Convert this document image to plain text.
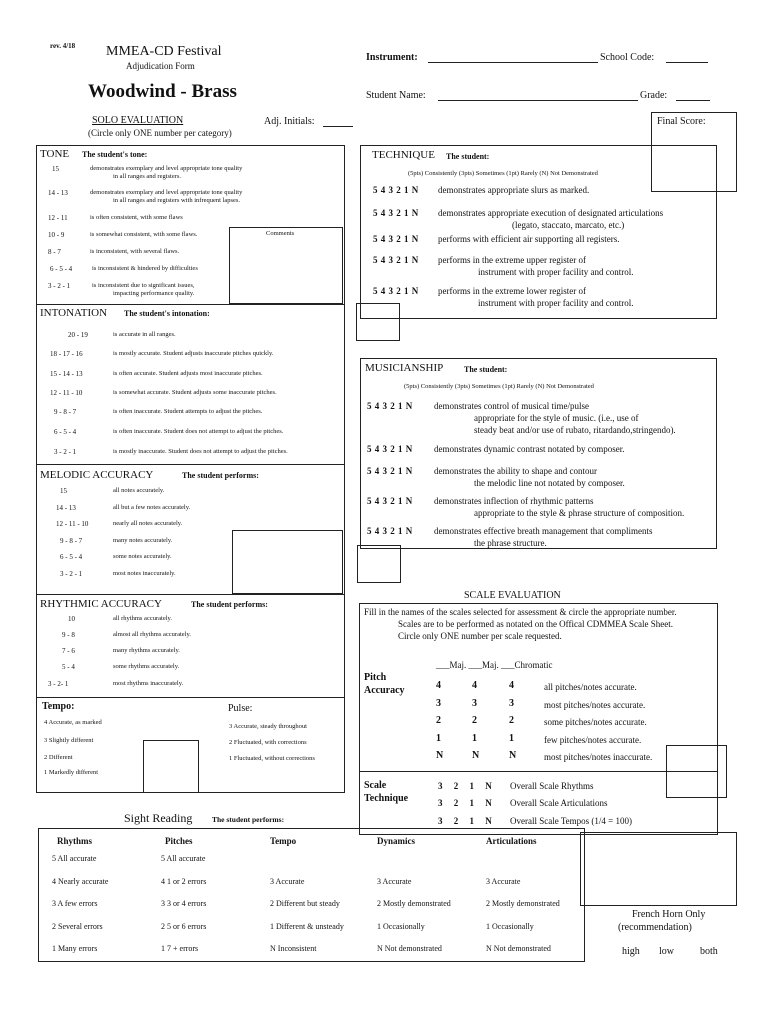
rev. 4/18 MMEA-CD Festival
Adjudication Form
Woodwind - Brass
SOLO EVALUATION
(Circle only ONE number per category)
Adj. Initials:
Instrument:	School Code:
Student Name:	Grade:
Final Score:
TONE The student's tone:
Comments
15	demonstrates exemplary and level appropriate tone quality
in all ranges and registers.
14 - 13	demonstrates exemplary and level appropriate tone quality
in all ranges and registers with infrequent lapses.
12 - 11	is often consistent, with some flaws
10 - 9	is somewhat consistent, with some flaws.
8 - 7	is inconsistent, with several flaws.
6 - 5 - 4	is inconsistent & hindered by difficulties
3 - 2 - 1	is inconsistent due to significant issues,
impacting performance quality.
INTONATION The student's intonation:
20 - 19	is accurate in all ranges.
18 - 17 - 16	is mostly accurate. Student adjusts inaccurate pitches quickly.
15 - 14 - 13	is often accurate. Student adjusts most inaccurate pitches.
12 - 11 - 10	is somewhat accurate. Student adjusts some inaccurate pitches.
9 - 8 - 7	is often inaccurate. Student attempts to adjust the pitches.
6 - 5 - 4	is often inaccurate. Student does not attempt to adjust the pitches.
3 - 2 - 1	is mostly inaccurate. Student does not attempt to adjust the pitches.
MELODIC ACCURACY	The student performs:
15	all notes accurately.
14 - 13	all but a few notes accurately.
12 - 11 - 10	nearly all notes accurately.
9 - 8 - 7	many notes accurately.
6 - 5 - 4	some notes accurately.
3 - 2 - 1	most notes inaccurately.
RHYTHMIC ACCURACY	The student performs:
10	all rhythms accurately.
9 - 8	almost all rhythms accurately.
7 - 6	many rhythms accurately.
5 - 4	some rhythms accurately.
3 - 2- 1	most rhythms inaccurately.
Tempo:
4 Accurate, as marked
3 Slightly different
2 Different
1 Markedly different
Pulse:
3 Accurate, steady throughout
2 Fluctuated, with corrections
1 Fluctuated, without corrections
TECHNIQUE The student:
(5pts) Consistently (3pts) Sometimes (1pt) Rarely (N) Not Demonstrated
5 4 3 2 1 N demonstrates appropriate slurs as marked.
5 4 3 2 1 N demonstrates appropriate execution of designated articulations
(legato, staccato, marcato, etc.)
5 4 3 2 1 N performs with efficient air supporting all registers.
5 4 3 2 1 N performs in the extreme upper register of
instrument with proper facility and control.
5 4 3 2 1 N performs in the extreme lower register of
instrument with proper facility and control.
MUSICIANSHIP	The student:
(5pts) Consistently (3pts) Sometimes (1pt) Rarely (N) Not Demonstrated
5 4 3 2 1 N demonstrates control of musical time/pulse
appropriate for the style of music. (i.e., use of
steady beat and/or use of rubato, ritardando,stringendo).
5 4 3 2 1 N demonstrates dynamic contrast notated by composer.
5 4 3 2 1 N demonstrates the ability to shape and contour
the melodic line not notated by composer.
5 4 3 2 1 N demonstrates inflection of rhythmic patterns
appropriate to the style & phrase structure of composition.
5 4 3 2 1 N demonstrates effective breath management that compliments
the phrase structure.
SCALE EVALUATION
Fill in the names of the scales selected for assessment & circle the appropriate number.
Scales are to be performed as notated on the Offical CDMMEA Scale Sheet.
Circle only ONE number per scale requested.
___Maj. ___Maj. ___Chromatic
Pitch
Accuracy	4	4	4	all pitches/notes accurate.
3	3	3	most pitches/notes accurate.
2	2	2	some pitches/notes accurate.
1	1	1	few pitches/notes accurate.
N	N	N	most pitches/notes inaccurate.
Scale
Technique
3 2 1 N Overall Scale Rhythms
3 2 1 N Overall Scale Articulations
3 2 1 N Overall Scale Tempos (1/4 = 100)
Sight Reading	The student performs:
Rhythms	Pitches	Tempo	Dynamics	Articulations
5 All accurate	5 All accurate
4 Nearly accurate	4 1 or 2 errors	3 Accurate	3 Accurate	3 Accurate
3 A few errors	3 3 or 4 errors	2 Different but steady	2 Mostly demonstrated	2 Mostly demonstrated
2 Several errors	2 5 or 6 errors	1 Different & unsteady	1 Occasionally	1 Occasionally
1 Many errors	1 7 + errors	N Inconsistent	N Not demonstrated	N Not demonstrated
French Horn Only
(recommendation)
high low	both
